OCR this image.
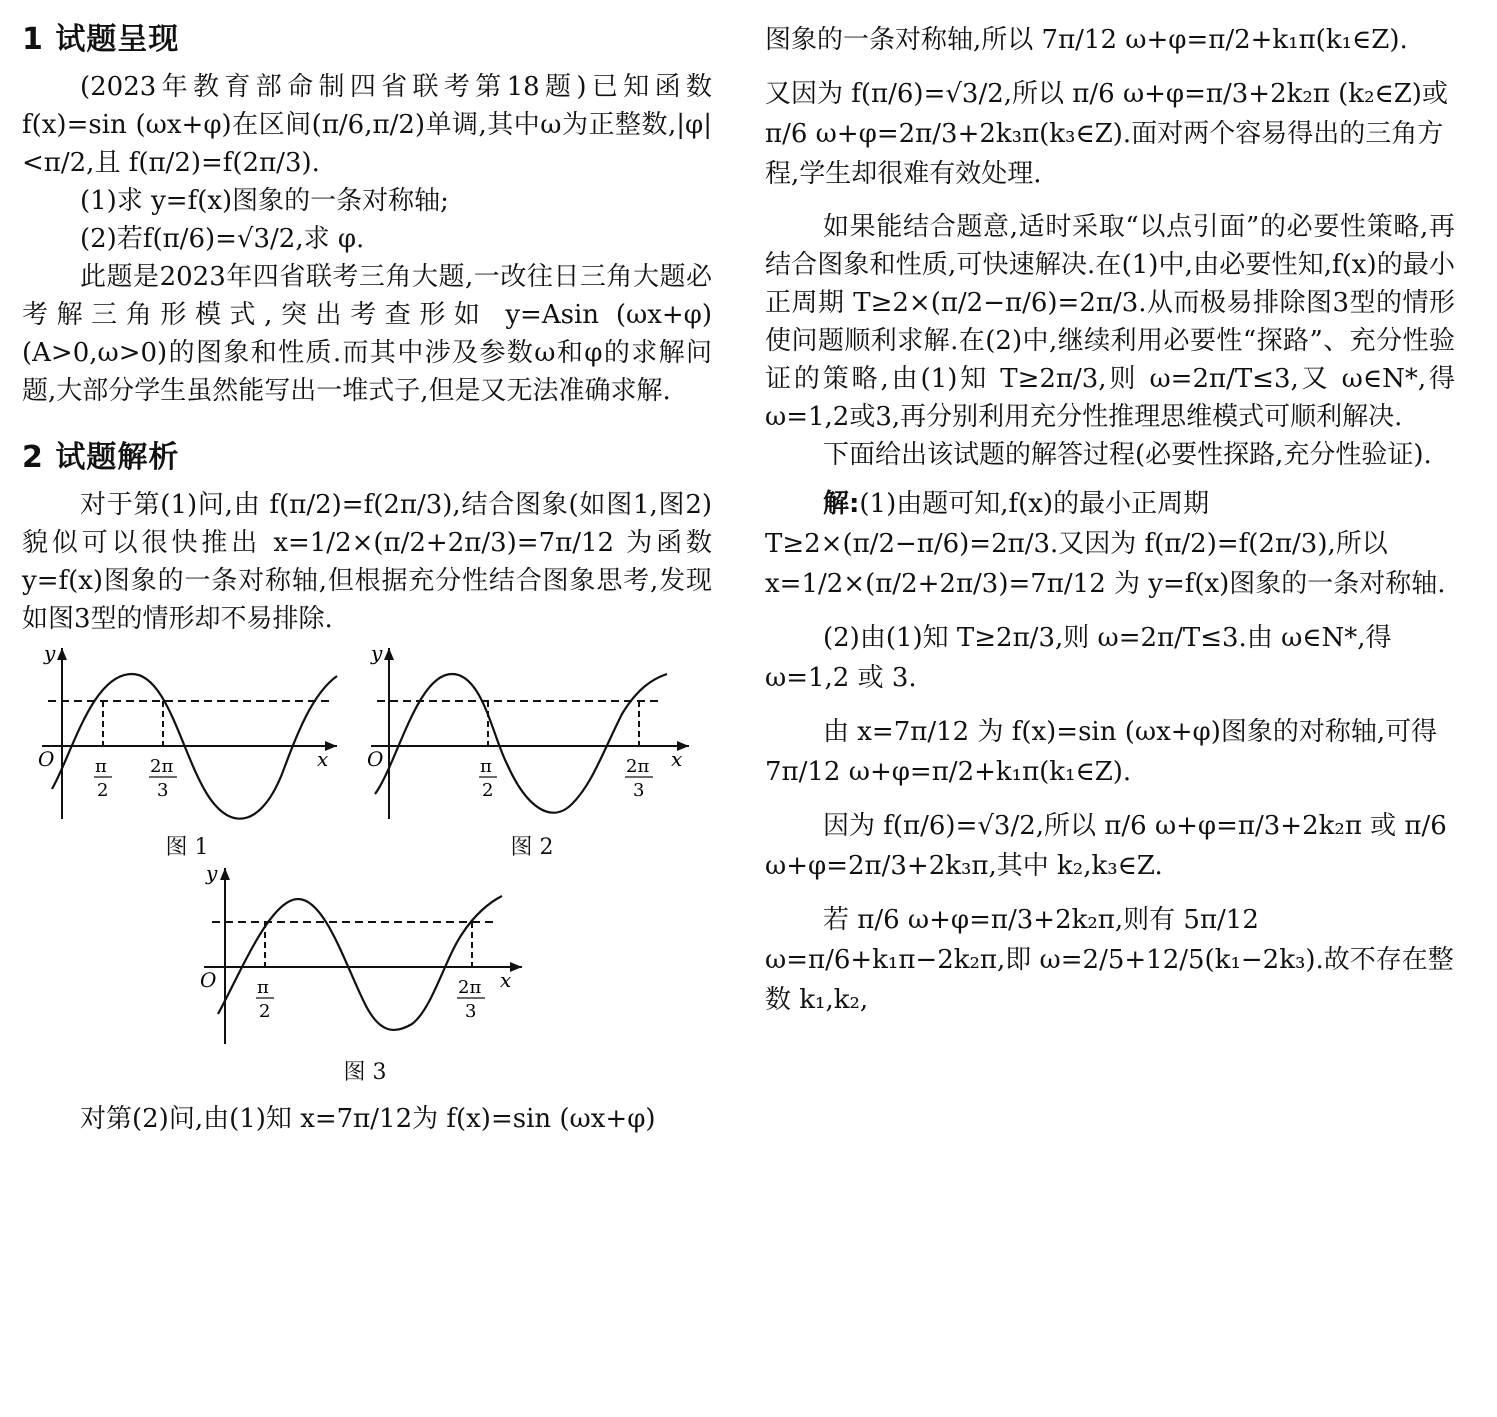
1 试题呈现

(2023年教育部命制四省联考第18题)已知函数 f(x)=sin (ωx+φ)在区间(π/6,π/2)单调,其中ω为正整数,|φ|<π/2,且 f(π/2)=f(2π/3).

(1)求 y=f(x)图象的一条对称轴;

(2)若f(π/6)=√3/2,求 φ.

此题是2023年四省联考三角大题,一改往日三角大题必考解三角形模式,突出考查形如 y=Asin (ωx+φ)(A>0,ω>0)的图象和性质.而其中涉及参数ω和φ的求解问题,大部分学生虽然能写出一堆式子,但是又无法准确求解.

2 试题解析

对于第(1)问,由 f(π/2)=f(2π/3),结合图象(如图1,图2)貌似可以很快推出 x=1/2×(π/2+2π/3)=7π/12 为函数 y=f(x)图象的一条对称轴,但根据充分性结合图象思考,发现如图3型的情形却不易排除.

y
O	x
π
2
2π
3
图 1
y
O	x
π
2
2π
3
图 2
y
O	x
π
2
2π
3
图 3

对第(2)问,由(1)知 x=7π/12为 f(x)=sin (ωx+φ)

图象的一条对称轴,所以 7π/12 ω+φ=π/2+k₁π(k₁∈Z).

又因为 f(π/6)=√3/2,所以 π/6 ω+φ=π/3+2k₂π (k₂∈Z)或 π/6 ω+φ=2π/3+2k₃π(k₃∈Z).面对两个容易得出的三角方程,学生却很难有效处理.

如果能结合题意,适时采取“以点引面”的必要性策略,再结合图象和性质,可快速解决.在(1)中,由必要性知,f(x)的最小正周期 T≥2×(π/2−π/6)=2π/3.从而极易排除图3型的情形使问题顺利求解.在(2)中,继续利用必要性“探路”、充分性验证的策略,由(1)知 T≥2π/3,则 ω=2π/T≤3,又 ω∈N*,得 ω=1,2或3,再分别利用充分性推理思维模式可顺利解决.

下面给出该试题的解答过程(必要性探路,充分性验证).

解:(1)由题可知,f(x)的最小正周期 T≥2×(π/2−π/6)=2π/3.又因为 f(π/2)=f(2π/3),所以 x=1/2×(π/2+2π/3)=7π/12 为 y=f(x)图象的一条对称轴.

(2)由(1)知 T≥2π/3,则 ω=2π/T≤3.由 ω∈N*,得 ω=1,2 或 3.

由 x=7π/12 为 f(x)=sin (ωx+φ)图象的对称轴,可得 7π/12 ω+φ=π/2+k₁π(k₁∈Z).

因为 f(π/6)=√3/2,所以 π/6 ω+φ=π/3+2k₂π 或 π/6 ω+φ=2π/3+2k₃π,其中 k₂,k₃∈Z.

若 π/6 ω+φ=π/3+2k₂π,则有 5π/12 ω=π/6+k₁π−2k₂π,即 ω=2/5+12/5(k₁−2k₃).故不存在整数 k₁,k₂,
